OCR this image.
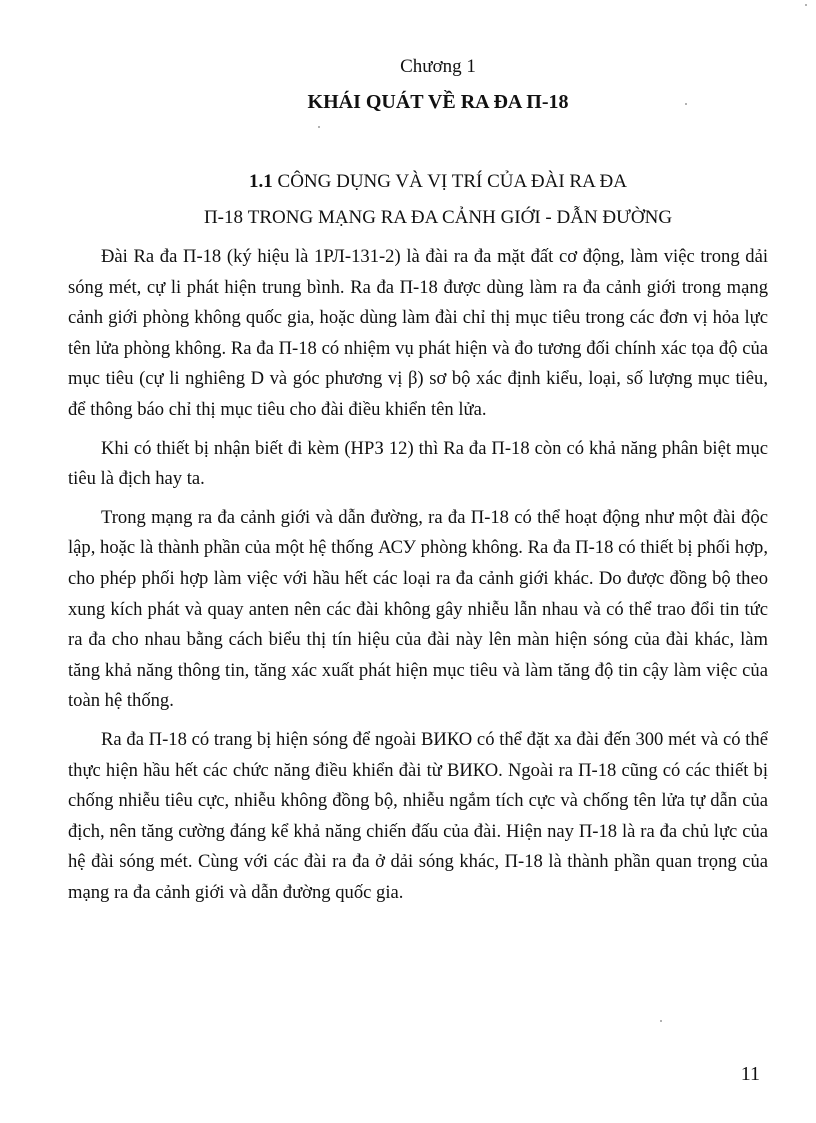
Chương 1
KHÁI QUÁT VỀ RA ĐA П-18
1.1 CÔNG DỤNG VÀ VỊ TRÍ CỦA ĐÀI RA ĐA
П-18 TRONG MẠNG RA ĐA CẢNH GIỚI - DẪN ĐƯỜNG

Đài Ra đa П-18 (ký hiệu là 1РЛ-131-2) là đài ra đa mặt đất cơ động, làm việc trong dải sóng mét, cự li phát hiện trung bình. Ra đa П-18 được dùng làm ra đa cảnh giới trong mạng cảnh giới phòng không quốc gia, hoặc dùng làm đài chỉ thị mục tiêu trong các đơn vị hỏa lực tên lửa phòng không. Ra đa П-18 có nhiệm vụ phát hiện và đo tương đối chính xác tọa độ của mục tiêu (cự li nghiêng D và góc phương vị β) sơ bộ xác định kiểu, loại, số lượng mục tiêu, để thông báo chỉ thị mục tiêu cho đài điều khiển tên lửa.

Khi có thiết bị nhận biết đi kèm (НРЗ 12) thì Ra đa П-18 còn có khả năng phân biệt mục tiêu là địch hay ta.

Trong mạng ra đa cảnh giới và dẫn đường, ra đa П-18 có thể hoạt động như một đài độc lập, hoặc là thành phần của một hệ thống АСУ phòng không. Ra đa П-18 có thiết bị phối hợp, cho phép phối hợp làm việc với hầu hết các loại ra đa cảnh giới khác. Do được đồng bộ theo xung kích phát và quay anten nên các đài không gây nhiễu lẫn nhau và có thể trao đổi tin tức ra đa cho nhau bằng cách biểu thị tín hiệu của đài này lên màn hiện sóng của đài khác, làm tăng khả năng thông tin, tăng xác xuất phát hiện mục tiêu và làm tăng độ tin cậy làm việc của toàn hệ thống.

Ra đa П-18 có trang bị hiện sóng để ngoài ВИКО có thể đặt xa đài đến 300 mét và có thể thực hiện hầu hết các chức năng điều khiển đài từ ВИКО. Ngoài ra П-18 cũng có các thiết bị chống nhiễu tiêu cực, nhiễu không đồng bộ, nhiễu ngắm tích cực và chống tên lửa tự dẫn của địch, nên tăng cường đáng kể khả năng chiến đấu của đài. Hiện nay П-18 là ra đa chủ lực của hệ đài sóng mét. Cùng với các đài ra đa ở dải sóng khác, П-18 là thành phần quan trọng của mạng ra đa cảnh giới và dẫn đường quốc gia.

11
